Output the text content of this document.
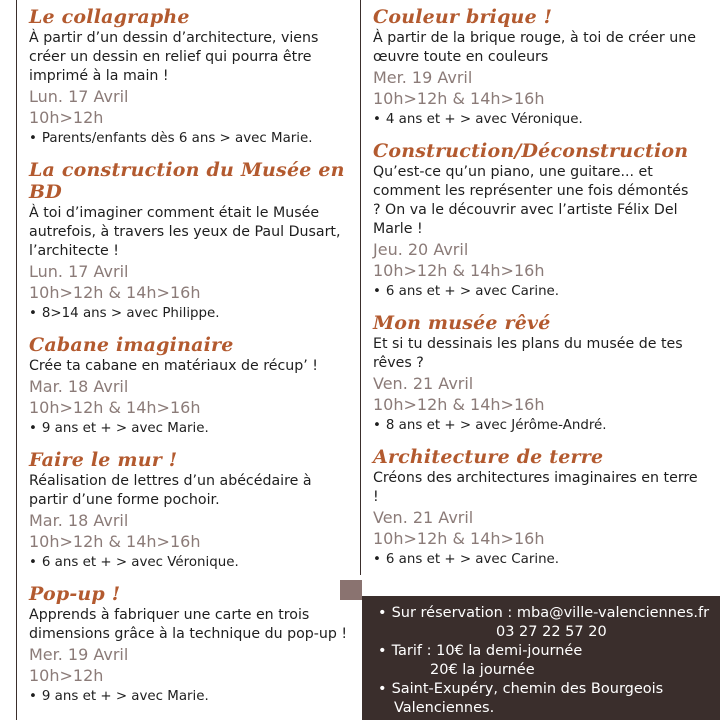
Le collagraphe
À partir d’un dessin d’architecture, viens créer un dessin en relief qui pourra être imprimé à la main !
Lun. 17 Avril
10h>12h
• Parents/enfants dès 6 ans > avec Marie.
La construction du Musée en BD
À toi d’imaginer comment était le Musée autrefois, à travers les yeux de Paul Dusart, l’architecte !
Lun. 17 Avril
10h>12h & 14h>16h
• 8>14 ans > avec Philippe.
Cabane imaginaire
Crée ta cabane en matériaux de récup’ !
Mar. 18 Avril
10h>12h & 14h>16h
• 9 ans et + > avec Marie.
Faire le mur !
Réalisation de lettres d’un abécédaire à partir d’une forme pochoir.
Mar. 18 Avril
10h>12h & 14h>16h
• 6 ans et + > avec Véronique.
Pop-up !
Apprends à fabriquer une carte en trois dimensions grâce à la technique du pop-up !
Mer. 19 Avril
10h>12h
• 9 ans et + > avec Marie.
Couleur brique !
À partir de la brique rouge, à toi de créer une œuvre toute en couleurs
Mer. 19 Avril
10h>12h & 14h>16h
• 4 ans et + > avec Véronique.
Construction/Déconstruction
Qu’est-ce qu’un piano, une guitare... et comment les représenter une fois démontés ? On va le découvrir avec l’artiste Félix Del Marle !
Jeu. 20 Avril
10h>12h & 14h>16h
• 6 ans et + > avec Carine.
Mon musée rêvé
Et si tu dessinais les plans du musée de tes rêves ?
Ven. 21 Avril
10h>12h & 14h>16h
• 8 ans et + > avec Jérôme-André.
Architecture de terre
Créons des architectures imaginaires en terre !
Ven. 21 Avril
10h>12h & 14h>16h
• 6 ans et + > avec Carine.
• Sur réservation : mba@ville-valenciennes.fr
03 27 22 57 20
• Tarif : 10€ la demi-journée
20€ la journée
• Saint-Exupéry, chemin des Bourgeois
Valenciennes.
